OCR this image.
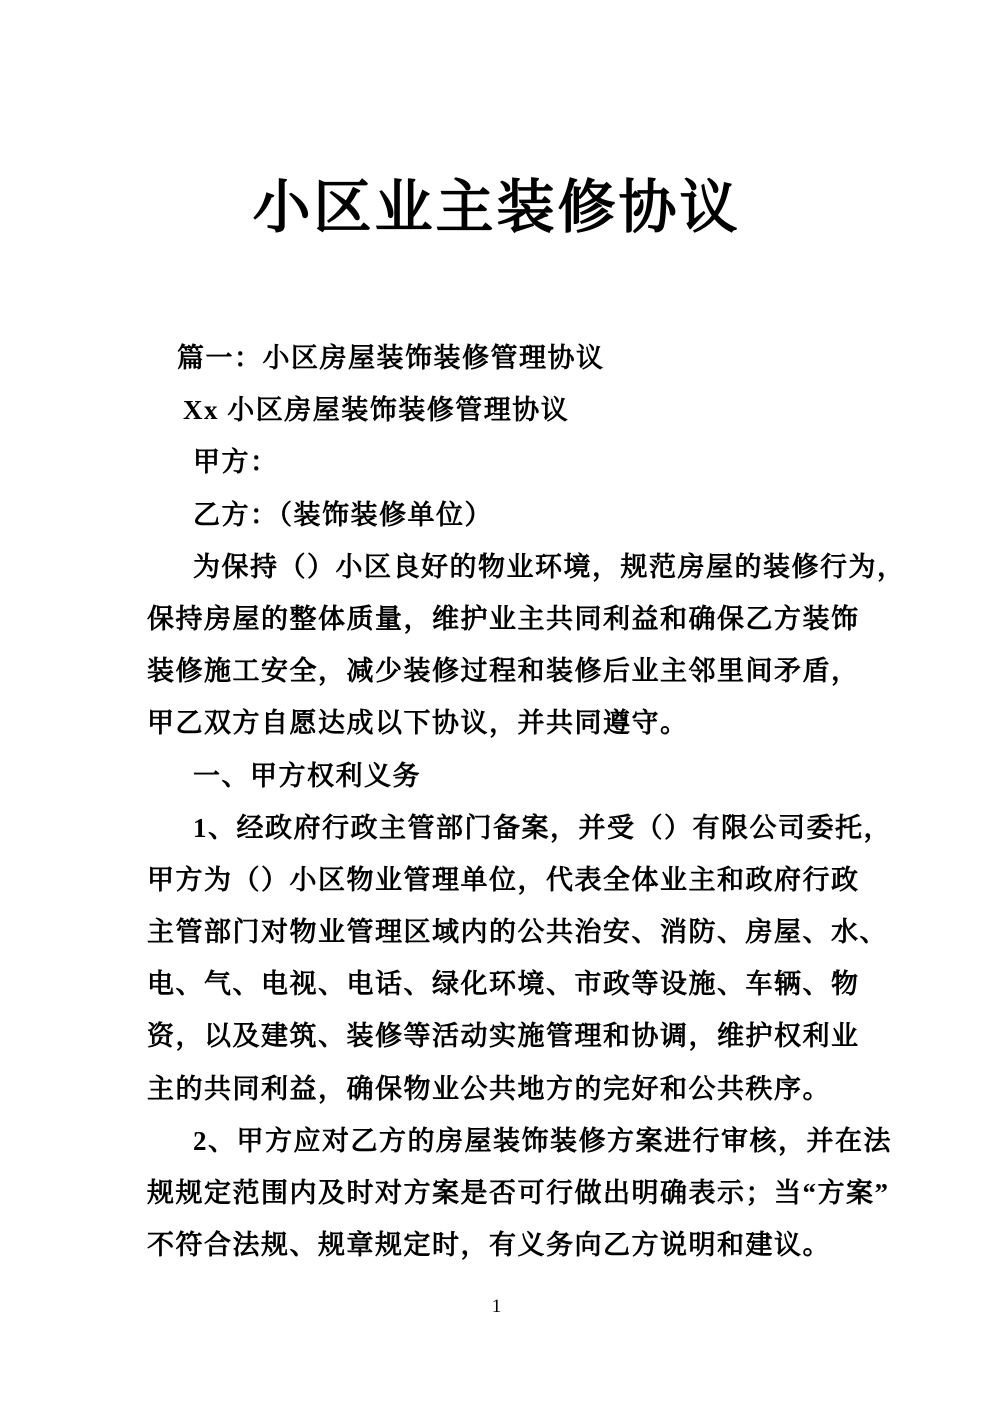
小区业主装修协议
篇一：小区房屋装饰装修管理协议
Xx 小区房屋装饰装修管理协议
甲方：
乙方：（装饰装修单位）
为保持（）小区良好的物业环境，规范房屋的装修行为，
保持房屋的整体质量，维护业主共同利益和确保乙方装饰
装修施工安全，减少装修过程和装修后业主邻里间矛盾，
甲乙双方自愿达成以下协议，并共同遵守。
一、甲方权利义务
1、经政府行政主管部门备案，并受（）有限公司委托，
甲方为（）小区物业管理单位，代表全体业主和政府行政
主管部门对物业管理区域内的公共治安、消防、房屋、水、
电、气、电视、电话、绿化环境、市政等设施、车辆、物
资，以及建筑、装修等活动实施管理和协调，维护权利业
主的共同利益，确保物业公共地方的完好和公共秩序。
2、甲方应对乙方的房屋装饰装修方案进行审核，并在法
规规定范围内及时对方案是否可行做出明确表示；当“方案”
不符合法规、规章规定时，有义务向乙方说明和建议。
1
